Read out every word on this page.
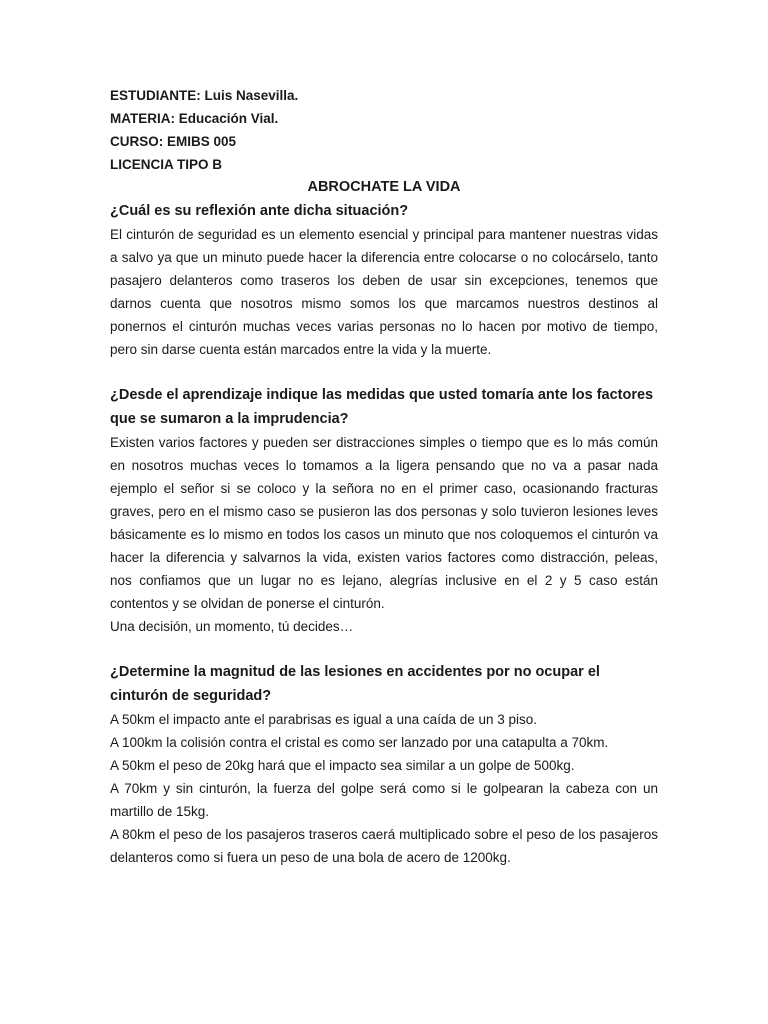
ESTUDIANTE: Luis Nasevilla.

MATERIA: Educación Vial.

CURSO: EMIBS 005

LICENCIA TIPO B

ABROCHATE LA VIDA

¿Cuál es su reflexión ante dicha situación?

El cinturón de seguridad es un elemento esencial y principal para mantener nuestras vidas a salvo ya que un minuto puede hacer la diferencia entre colocarse o no colocárselo, tanto pasajero delanteros como traseros los deben de usar sin excepciones, tenemos que darnos cuenta que nosotros mismo somos los que marcamos nuestros destinos al ponernos el cinturón muchas veces varias personas no lo hacen por motivo de tiempo, pero sin darse cuenta están marcados entre la vida y la muerte.

¿Desde el aprendizaje indique las medidas que usted tomaría ante los factores que se sumaron a la imprudencia?

Existen varios factores y pueden ser distracciones simples o tiempo que es lo más común en nosotros muchas veces lo tomamos a la ligera pensando que no va a pasar nada ejemplo el señor si se coloco y la señora no en el primer caso, ocasionando fracturas graves, pero en el mismo caso se pusieron las dos personas y solo tuvieron lesiones leves básicamente es lo mismo en todos los casos un minuto que nos coloquemos el cinturón va hacer la diferencia y salvarnos la vida, existen varios factores como distracción, peleas, nos confiamos que un lugar no es lejano, alegrías inclusive en el 2 y 5 caso están contentos y se olvidan de ponerse el cinturón.

Una decisión, un momento, tú decides…

¿Determine la magnitud de las lesiones en accidentes por no ocupar el cinturón de seguridad?

A 50km el impacto ante el parabrisas es igual a una caída de un 3 piso.
A 100km la colisión contra el cristal es como ser lanzado por una catapulta a 70km.
A 50km el peso de 20kg hará que el impacto sea similar a un golpe de 500kg.
A 70km y sin cinturón, la fuerza del golpe será como si le golpearan la cabeza con un martillo de 15kg.
A 80km el peso de los pasajeros traseros caerá multiplicado sobre el peso de los pasajeros delanteros como si fuera un peso de una bola de acero de 1200kg.
